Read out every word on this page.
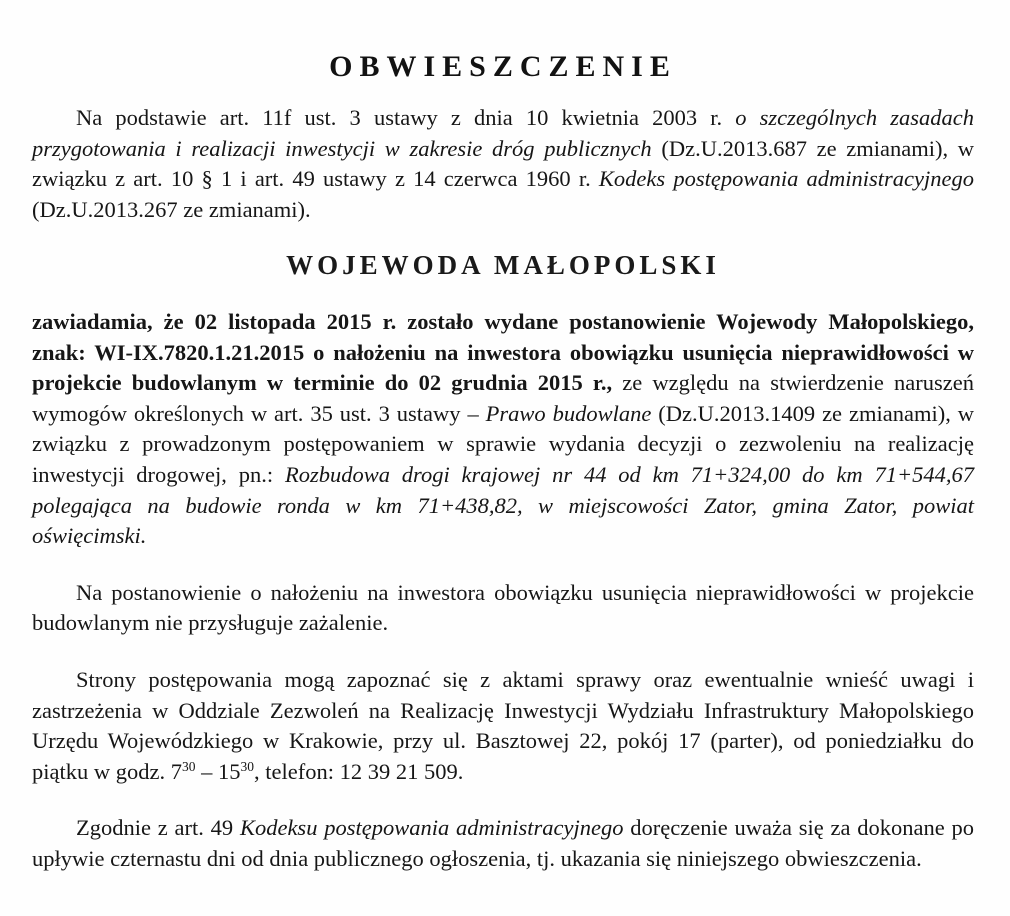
OBWIESZCZENIE

Na podstawie art. 11f ust. 3 ustawy z dnia 10 kwietnia 2003 r. o szczególnych zasadach przygotowania i realizacji inwestycji w zakresie dróg publicznych (Dz.U.2013.687 ze zmianami), w związku z art. 10 § 1 i art. 49 ustawy z 14 czerwca 1960 r. Kodeks postępowania administracyjnego (Dz.U.2013.267 ze zmianami).

WOJEWODA MAŁOPOLSKI

zawiadamia, że 02 listopada 2015 r. zostało wydane postanowienie Wojewody Małopolskiego, znak: WI-IX.7820.1.21.2015 o nałożeniu na inwestora obowiązku usunięcia nieprawidłowości w projekcie budowlanym w terminie do 02 grudnia 2015 r., ze względu na stwierdzenie naruszeń wymogów określonych w art. 35 ust. 3 ustawy – Prawo budowlane (Dz.U.2013.1409 ze zmianami), w związku z prowadzonym postępowaniem w sprawie wydania decyzji o zezwoleniu na realizację inwestycji drogowej, pn.: Rozbudowa drogi krajowej nr 44 od km 71+324,00 do km 71+544,67 polegająca na budowie ronda w km 71+438,82, w miejscowości Zator, gmina Zator, powiat oświęcimski.

Na postanowienie o nałożeniu na inwestora obowiązku usunięcia nieprawidłowości w projekcie budowlanym nie przysługuje zażalenie.

Strony postępowania mogą zapoznać się z aktami sprawy oraz ewentualnie wnieść uwagi i zastrzeżenia w Oddziale Zezwoleń na Realizację Inwestycji Wydziału Infrastruktury Małopolskiego Urzędu Wojewódzkiego w Krakowie, przy ul. Basztowej 22, pokój 17 (parter), od poniedziałku do piątku w godz. $7^{30} - 15^{30}$, telefon: 12 39 21 509.

Zgodnie z art. 49 Kodeksu postępowania administracyjnego doręczenie uważa się za dokonane po upływie czternastu dni od dnia publicznego ogłoszenia, tj. ukazania się niniejszego obwieszczenia.
